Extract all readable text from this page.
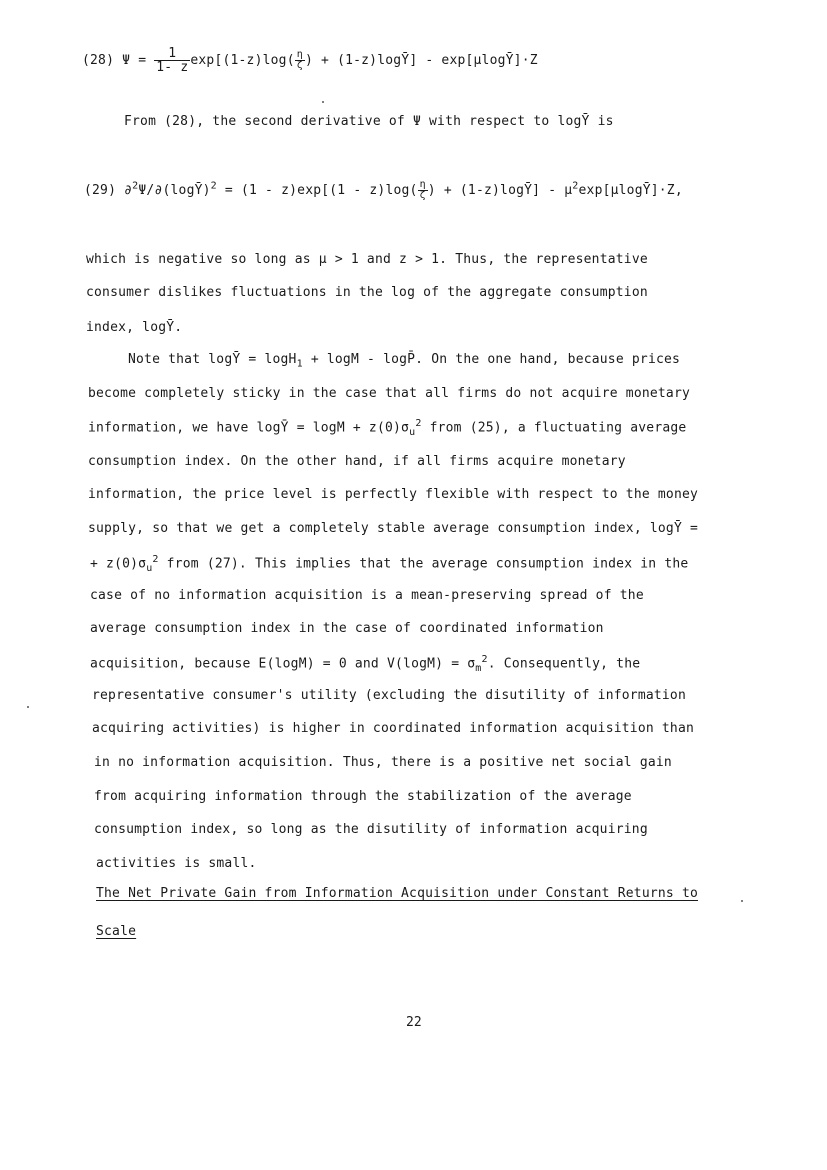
(28) $\Psi = \frac{1}{1- z} \exp[(1-z)\log( \frac{\eta}{\zeta}$ ) + (1-z)logȲ] - exp[μlogȲ]·Z
From (28), the second derivative of Ψ with respect to logȲ is
(29) ∂$^2$Ψ/∂(logȲ)$^2$ = $(1 - z)\exp[(1 - z)\log( \frac{\eta}{\zeta}$ ) + (1-z)logȲ] - $\mu^2\exp[\mu\log Ȳ]\cdot Z$,
which is negative so long as μ > 1 and z > 1. Thus, the representative
consumer dislikes fluctuations in the log of the aggregate consumption
index, logȲ.
Note that logȲ = logH$_1$ + logM - logP̄. On the one hand, because prices
become completely sticky in the case that all firms do not acquire monetary
information, we have logȲ = $\log M + z(0)\sigma_u^2$ from (25), a fluctuating average
consumption index. On the other hand, if all firms acquire monetary
information, the price level is perfectly flexible with respect to the money
supply, so that we get a completely stable average consumption index, logȲ =
+ $z(0)\sigma_u^2$ from (27). This implies that the average consumption index in the
case of no information acquisition is a mean-preserving spread of the
average consumption index in the case of coordinated information
acquisition, because E(logM) = 0 and $V(\log M) = \sigma_m^2$. Consequently, the
representative consumer's utility (excluding the disutility of information
acquiring activities) is higher in coordinated information acquisition than
in no information acquisition. Thus, there is a positive net social gain
from acquiring information through the stabilization of the average
consumption index, so long as the disutility of information acquiring
activities is small.
The Net Private Gain from Information Acquisition under Constant Returns to
Scale
22
